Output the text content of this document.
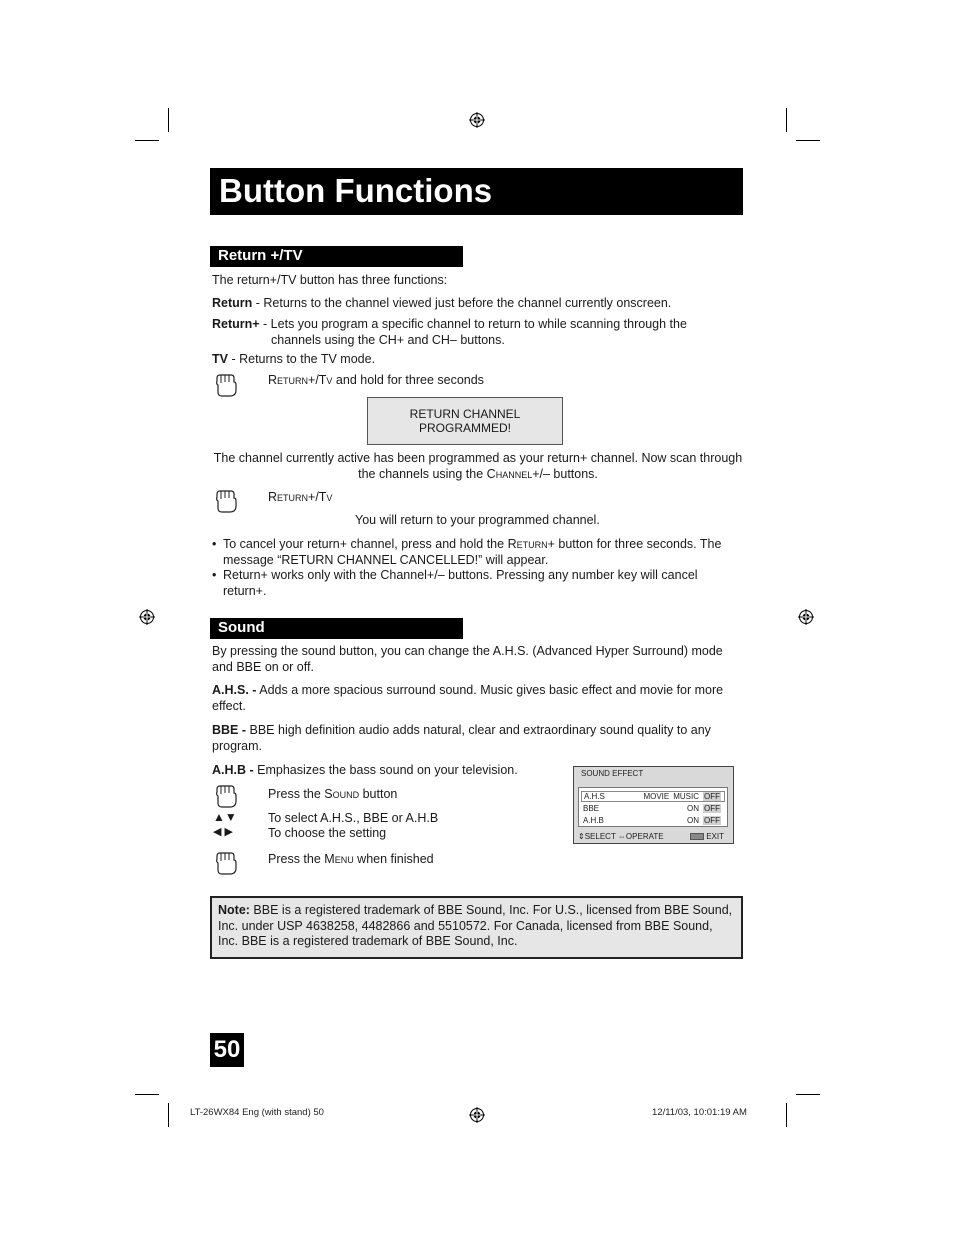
Button Functions
Return +/TV
The return+/TV button has three functions:
Return - Returns to the channel viewed just before the channel currently onscreen.
Return+ - Lets you program a specific channel to return to while scanning through the
channels using the CH+ and CH– buttons.
TV - Returns to the TV mode.
Return+/Tv and hold for three seconds
RETURN CHANNEL
PROGRAMMED!
The channel currently active has been programmed as your return+ channel. Now scan through
the channels using the Channel+/– buttons.
Return+/Tv
You will return to your programmed channel.
• To cancel your return+ channel, press and hold the Return+ button for three seconds. The message “RETURN CHANNEL CANCELLED!” will appear.
• Return+ works only with the Channel+/– buttons. Pressing any number key will cancel return+.
Sound
By pressing the sound button, you can change the A.H.S. (Advanced Hyper Surround) mode and BBE on or off.
A.H.S. - Adds a more spacious surround sound. Music gives basic effect and movie for more effect.
BBE - BBE high definition audio adds natural, clear and extraordinary sound quality to any program.
A.H.B - Emphasizes the bass sound on your television.
Press the Sound button
▲▼ To select A.H.S., BBE or A.H.B
◀ ▶	To choose the setting
Press the Menu when finished
SOUND EFFECT
A.H.S	MOVIE MUSIC OFF
BBE	ON OFF
A.H.B	ON OFF
⇕SELECT ⇔OPERATE	EXIT
Note: BBE is a registered trademark of BBE Sound, Inc. For U.S., licensed from BBE Sound, Inc. under USP 4638258, 4482866 and 5510572. For Canada, licensed from BBE Sound, Inc. BBE is a registered trademark of BBE Sound, Inc.
50
LT-26WX84 Eng (with stand) 50	12/11/03, 10:01:19 AM
